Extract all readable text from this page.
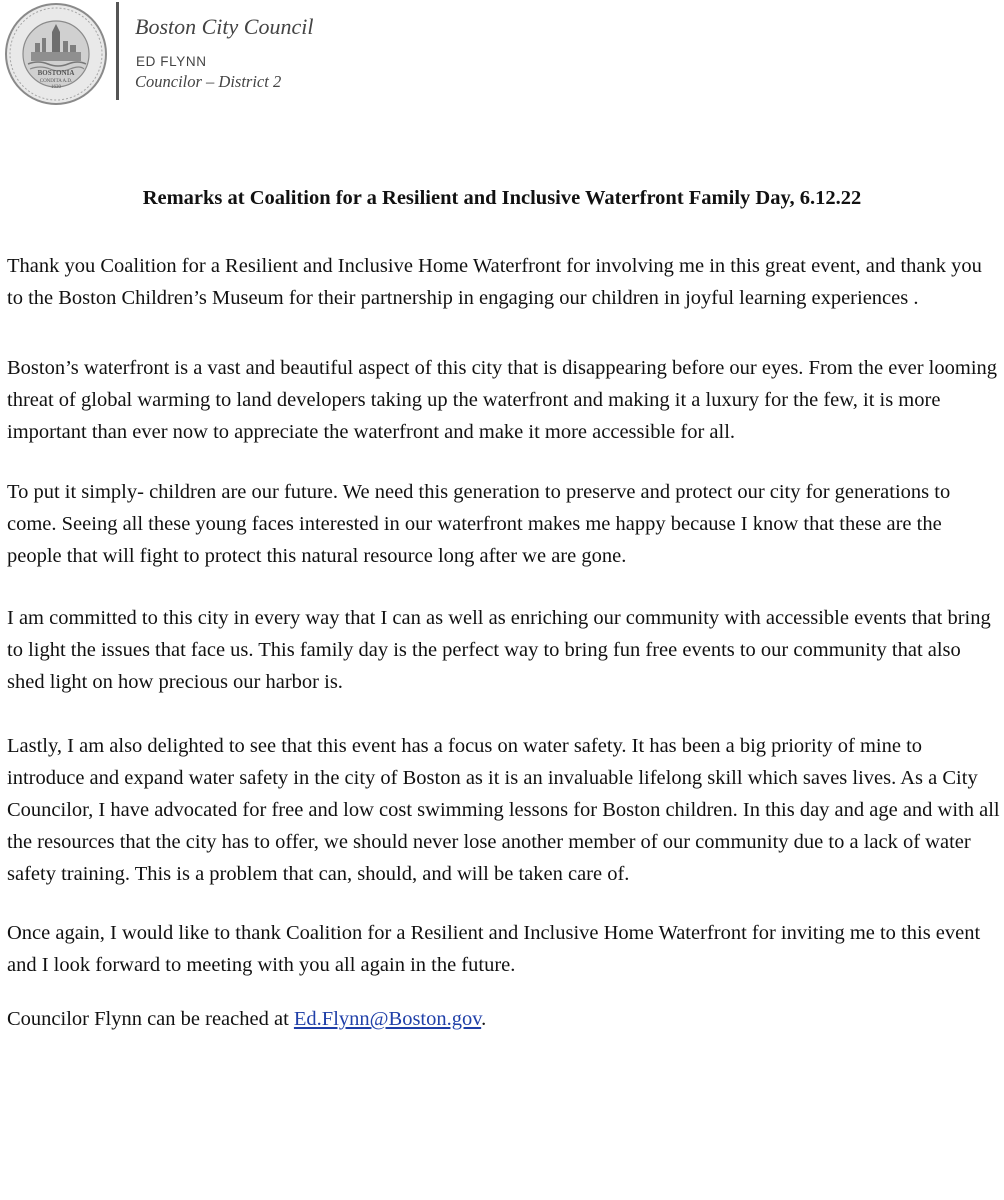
BOSTONIA
CONDITA A.D.
1630
Boston City Council
ED FLYNN
Councilor – District 2
Remarks at Coalition for a Resilient and Inclusive Waterfront Family Day, 6.12.22

Thank you Coalition for a Resilient and Inclusive Home Waterfront for involving me in this great event, and thank you to the Boston Children’s Museum for their partnership in engaging our children in joyful learning experiences .

Boston’s waterfront is a vast and beautiful aspect of this city that is disappearing before our eyes. From the ever looming threat of global warming to land developers taking up the waterfront and making it a luxury for the few, it is more important than ever now to appreciate the waterfront and make it more accessible for all.

To put it simply- children are our future. We need this generation to preserve and protect our city for generations to come. Seeing all these young faces interested in our waterfront makes me happy because I know that these are the people that will fight to protect this natural resource long after we are gone.

I am committed to this city in every way that I can as well as enriching our community with accessible events that bring to light the issues that face us. This family day is the perfect way to bring fun free events to our community that also shed light on how precious our harbor is.

Lastly, I am also delighted to see that this event has a focus on water safety. It has been a big priority of mine to introduce and expand water safety in the city of Boston as it is an invaluable lifelong skill which saves lives. As a City Councilor, I have advocated for free and low cost swimming lessons for Boston children. In this day and age and with all the resources that the city has to offer, we should never lose another member of our community due to a lack of water safety training. This is a problem that can, should, and will be taken care of.

Once again, I would like to thank Coalition for a Resilient and Inclusive Home Waterfront for inviting me to this event and I look forward to meeting with you all again in the future.

Councilor Flynn can be reached at Ed.Flynn@Boston.gov.
